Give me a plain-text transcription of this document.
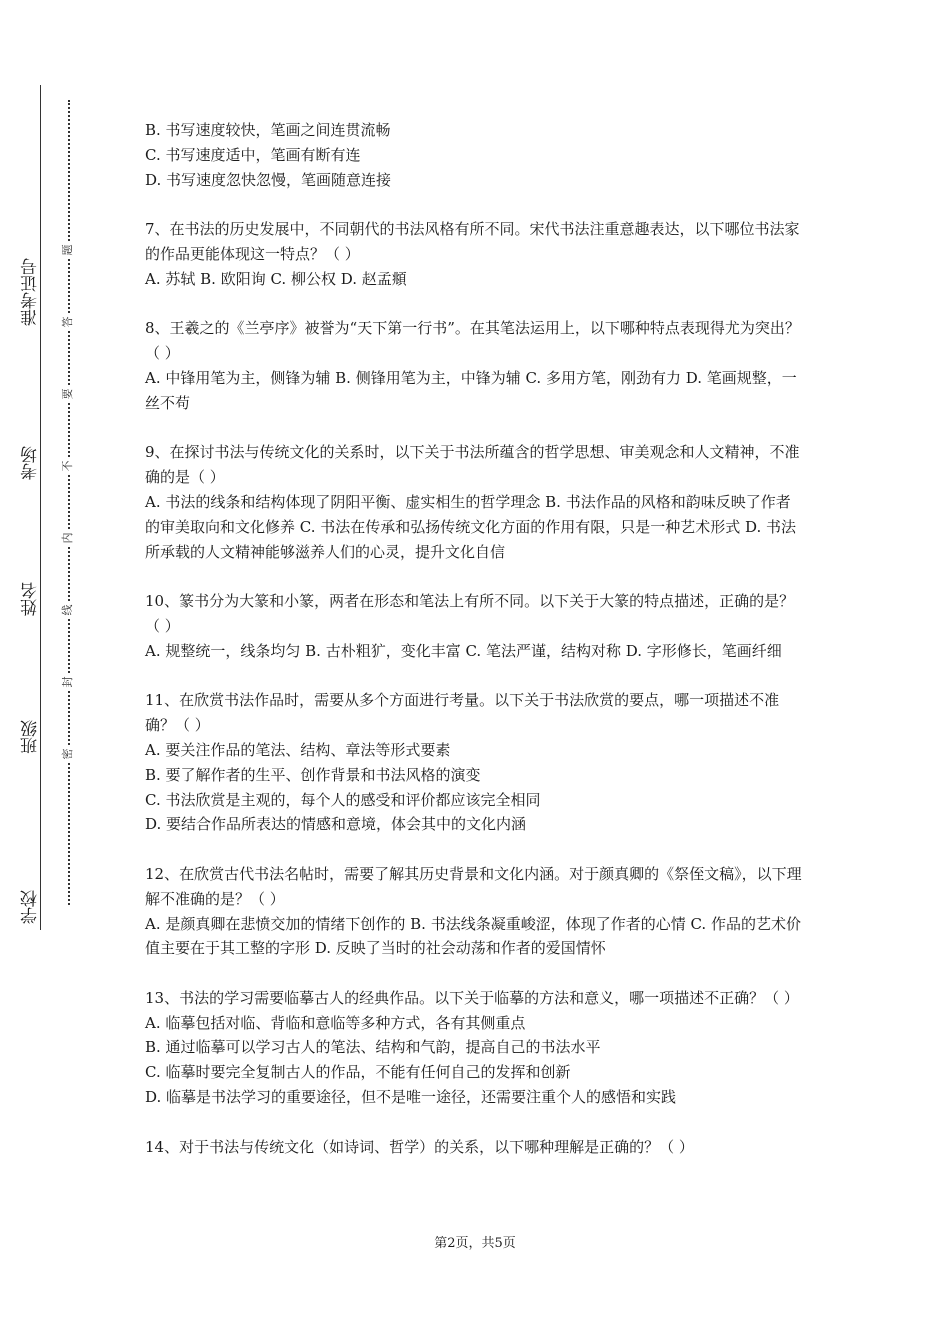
准考证号
考场
姓名
班级
学校
题
答
要
不
内
线
封
密

B. 书写速度较快，笔画之间连贯流畅

C. 书写速度适中，笔画有断有连

D. 书写速度忽快忽慢，笔画随意连接

7、在书法的历史发展中，不同朝代的书法风格有所不同。宋代书法注重意趣表达，以下哪位书法家的作品更能体现这一特点？（ ）

A. 苏轼 B. 欧阳询 C. 柳公权 D. 赵孟頫

8、王羲之的《兰亭序》被誉为“天下第一行书”。在其笔法运用上，以下哪种特点表现得尤为突出？（ ）

A. 中锋用笔为主，侧锋为辅 B. 侧锋用笔为主，中锋为辅 C. 多用方笔，刚劲有力 D. 笔画规整，一丝不苟

9、在探讨书法与传统文化的关系时，以下关于书法所蕴含的哲学思想、审美观念和人文精神，不准确的是（ ）

A. 书法的线条和结构体现了阴阳平衡、虚实相生的哲学理念 B. 书法作品的风格和韵味反映了作者的审美取向和文化修养 C. 书法在传承和弘扬传统文化方面的作用有限，只是一种艺术形式 D. 书法所承载的人文精神能够滋养人们的心灵，提升文化自信

10、篆书分为大篆和小篆，两者在形态和笔法上有所不同。以下关于大篆的特点描述，正确的是？（ ）

A. 规整统一，线条均匀 B. 古朴粗犷，变化丰富 C. 笔法严谨，结构对称 D. 字形修长，笔画纤细

11、在欣赏书法作品时，需要从多个方面进行考量。以下关于书法欣赏的要点，哪一项描述不准确？（ ）

A. 要关注作品的笔法、结构、章法等形式要素

B. 要了解作者的生平、创作背景和书法风格的演变

C. 书法欣赏是主观的，每个人的感受和评价都应该完全相同

D. 要结合作品所表达的情感和意境，体会其中的文化内涵

12、在欣赏古代书法名帖时，需要了解其历史背景和文化内涵。对于颜真卿的《祭侄文稿》，以下理解不准确的是？（ ）

A. 是颜真卿在悲愤交加的情绪下创作的 B. 书法线条凝重峻涩，体现了作者的心情 C. 作品的艺术价值主要在于其工整的字形 D. 反映了当时的社会动荡和作者的爱国情怀

13、书法的学习需要临摹古人的经典作品。以下关于临摹的方法和意义，哪一项描述不正确？（ ）

A. 临摹包括对临、背临和意临等多种方式，各有其侧重点

B. 通过临摹可以学习古人的笔法、结构和气韵，提高自己的书法水平

C. 临摹时要完全复制古人的作品，不能有任何自己的发挥和创新

D. 临摹是书法学习的重要途径，但不是唯一途径，还需要注重个人的感悟和实践

14、对于书法与传统文化（如诗词、哲学）的关系，以下哪种理解是正确的？（ ）

第2页，共5页
